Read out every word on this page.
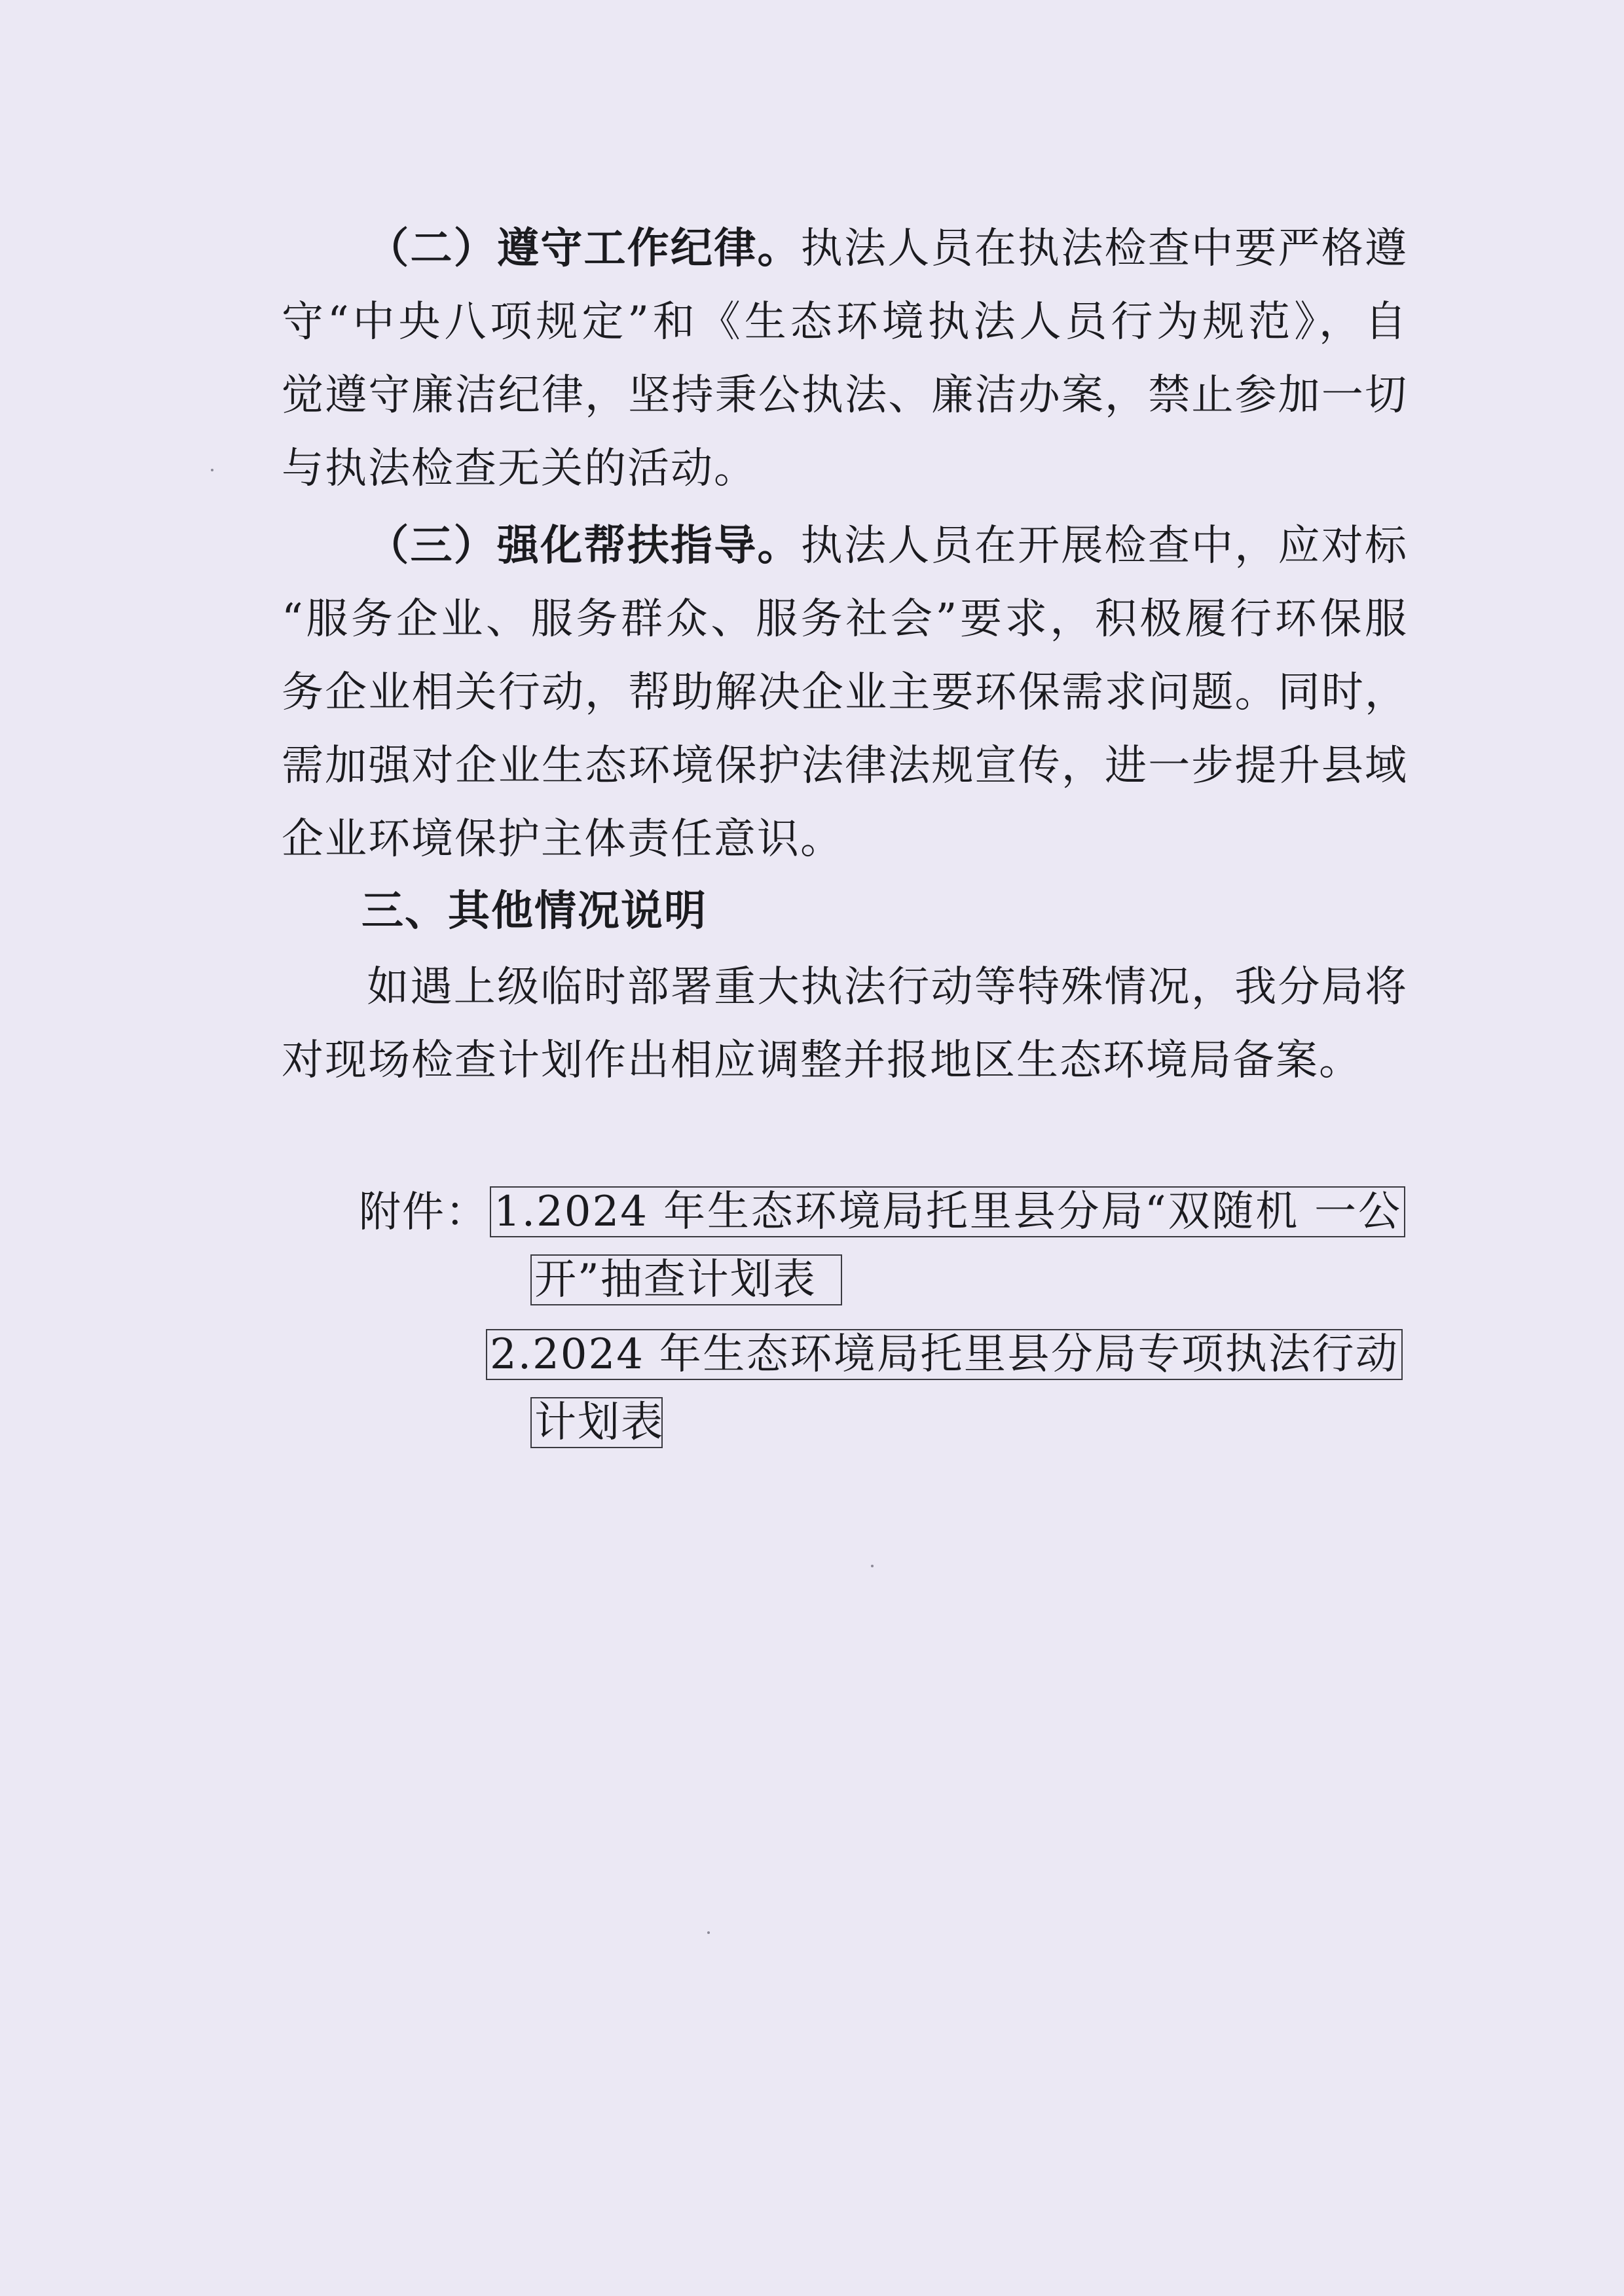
（二）遵守工作纪律。执法人员在执法检查中要严格遵
守“中央八项规定”和《生态环境执法人员行为规范》，自
觉遵守廉洁纪律，坚持秉公执法、廉洁办案，禁止参加一切
与执法检查无关的活动。
（三）强化帮扶指导。执法人员在开展检查中，应对标
“服务企业、服务群众、服务社会”要求，积极履行环保服
务企业相关行动，帮助解决企业主要环保需求问题。同时，
需加强对企业生态环境保护法律法规宣传，进一步提升县域
企业环境保护主体责任意识。
三、其他情况说明
如遇上级临时部署重大执法行动等特殊情况，我分局将
对现场检查计划作出相应调整并报地区生态环境局备案。
附件： 1.2024 年生态环境局托里县分局“双随机 一公
开”抽查计划表
2.2024 年生态环境局托里县分局专项执法行动
计划表
